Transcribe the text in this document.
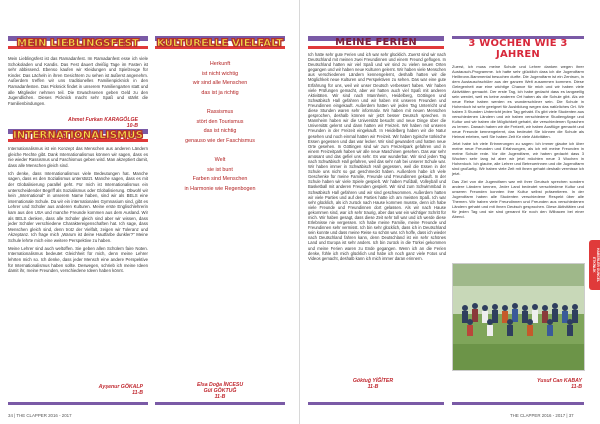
MEIN LIEBLINGSFEST

Mein Lieblingsfest ist das Ramadanfest. Im Ramadanfest esse ich viele Schokoladen und Kandis. Das Fest dauert dreißig Tage im Fasten ist sehr abbissend. Ebenso kaufen wir Kleidungen und Spielzeuge für Kinder. Das Lächeln in ihren Gesichtern zu sehen ist äußerst angenehm. Außerdem treffen wir uns traditionelles Familienpicknick in den Ramadanfesten. Das Picknick findet in unserem Familiengarten statt und alle Mitglieder nehmen teil. Die Erwachsenen geben Geld zu den Jugendlichen. Dieses Picknick macht sehr Spaß und stärkt die Familienbindungen.

Ahmet Furkan KARAGÖLGE
10-B
INTERNATIONALISMUS

Internationalismus ist ein Konzept das Menschen aus anderen Ländern gleiche Rechte gibt. Dank Internationalismus können wir sagen, dass es nie wieder Rassismus und Faschismus geben wird. Man akzeptiert damit, dass alle Menschen gleich sind.

Ich denke, dass Internationalismus viele Bedeutungen hat. Manche sagen, dass es den Sozialismus unterstützt. Manche sagen, dass es mit der Globalisierung parallel geht. Für mich ist Internationalismus ein unterscheidender Begriff als Sozialismus oder Globalisierung. Obwohl wir kein „International“ in unserem Name haben, sind wir als BELS eine internationale Schule. Da wir ein internationales Gymnasium sind, gibt es Lehrer und Schüler aus anderen Kulturen. Meine erste Englischlehrerin kam aus den USA und manche Freunde kommen aus dem Ausland. Wir als BELS denken, dass alle Schüler gleich sind aber wir wissen, dass jeder Schüler verschiedene Charaktereigenschaften hat. Ich sage, dass Menschen gleich sind, denn trotz der Vielfalt, zeigen wir Toleranz und Akzeptanz. Ich frage mich „Warum ist deine Hautfarbe dunkler?“ Meine Schule lehrte mich eine weitere Perspektive zu haben.

Meine Lehrer sind auch weltoffen. Sie geben allen Schülern faire Noten. Internationalismus bedeutet Gleichheit für mich, denn meine Lehrer lehrten mich so. Ich denke, dass jeder Mensch eine andere Perspektive für Internationalismus haben sollte. Deswegen, schrieb ich meine Ideen damit ihr, meine Freunden, verschiedene Ideen haben könnt.

Ayşenur GÖKALP
11-B
KULTURELLE VIELFALT
Herkunft
ist nicht wichtig
wir sind alle Menschen
das ist ja richtig
Rassismus
stört den Tourismus
das ist nichtig
genauso wie der Faschismus
Welt
sie ist bunt
Farben sind Menschen
in Harmonie wie Regenbogen
Elsa Doğa İNCESU
Gül GÖKTUĞ
11-B
34 | THE CLAPPER 2016 - 2017
MEINE FERIEN

Ich hatte sehr gute Ferien und ich war sehr glücklich. Zuerst sind wir nach Deutschland mit meinen zwei Freundinnen und einem Freund geflogen. In Deutschland hatten wir viel Spaß und wir sind zu vielen neuen Orten gegangen und wir haben neue Kulturen gelernt. Wir haben viele Menschen aus verschiedenen Ländern kennengelernt, deshalb hatten wir die Möglichkeit neue Kulturen und Perspektiven zu sehen. Das war eine gute Erfahrung für uns, weil wir unser Deutsch verbessert haben. Wir haben viele Prüfungen gemacht, aber wir hatten auch viel Spaß mit anderen Aktivitäten. Wir sind nach Mannheim, Heidelberg, Göttingen und Schwäbisch Hall gefahren und wir haben mit unseren Freunden und Freundinnen eingekauft. Außerdem hatten wir jeden Tag Unterricht und diese Stunden waren sehr informativ. Wir haben mit neuen Menschen gesprochen, deshalb können wir jetzt besser Deutsch sprechen. In Mannheim haben wir die Universität besucht und neue Dinge über die Universität gelernt und dann hatten wir Freizeit. Wir haben mit unseren Freunden in der Freizeit eingekauft. In Heidelberg haben wir die Natur gesehen und noch einmal hatten wir Freizeit. Wir haben typische türkische Essen gegessen und das war lecker. Wir sind gewandert und hatten neue Orte gesehen. In Göttingen sind wir zum Freizeitpark gefahren und in einem Freizeitpark haben wir alle neue Maschinen gesehen. Das war sehr amüsant und das gefiel uns sehr. Es war wunderbar. Wir sind jeden Tag nach Schwäbisch Hall gefahren, weil das sehr nah bei unserer Schule war. Wir haben immer in Schwäbisch Hall gegessen, weil die Essen in der Schule uns nicht so gut geschmeckt haben. Außerdem habe ich viele Geschenke für meine Familie, Freunde und Freundinnen gekauft. In der Schule haben wir viele Spiele gespielt. Wir haben Fußball, Volleyball und Basketball mit anderen Freunden gespielt. Wir sind zum Schwimmbad in Schwäbisch Hall gefahren und wir sind geschwommen. Außerdem hatten wir viele Parties und auf den Parties hatte ich am meisten Spaß. Ich war sehr glücklich, als ich zurück nach Hause kommen musste, denn ich habe viele Freunde und Freundinnen dort gelassen. Als wir nach Hause gekommen sind, war ich sehr traurig, aber das war ein wichtiger Schritt für mich. Wir haben gesagt, dass diese Zeit sehr toll war und ich werde diese Erlebnisse nie vergessen. Ich habe meine Familie, meine Freunde und Freundinnen sehr vermisst. Ich bin sehr glücklich, dass ich in Deutschland sein konnte und dass meine Reise so schön war. Ich hoffe, dass ich wieder nach Deutschland fahren kann, denn Deutschland ist ein sehr schönes Land und Europa ist sehr anders. Ich bin zurück in die Türkei gekommen und meine Ferien waren zu Ende gegangen. Wenn ich an die Ferien denke, fühle ich mich glücklich und habe ich noch ganz viele Fotos und Videos gemacht, deshalb kann ich mich immer daran erinnern.

Göktuğ YİĞİTER
11-B
3 WOCHEN WIE 3 JAHREN

Zuerst, ich muss meine Schule und Lehrer danken wegen ihrer Austausch-Programme. Ich hatte sehr glücklich dass ich die Jugendfarm Heilbronn-Bammental besuchen durfte. Die Jugendfarm ist ein Zentrum, in dem Austauschschüler aus der ganzen Welt zusammen kommen. Diese Gelegenheit war eine wichtige Chance für mich und wir haben viele Aktivitäten gemacht. Der erste Tag, ich habe gedacht dass es langweilig sein werdet, weil es keine anderen Ort haben als die Schule gibt. Als wir neue Reise haben werden es wunderschöner sein. Die Schule in Hohenloch ist sehr geeignet für Ausbildung wegen das natürliches Ort. Wir haben 3 Stunden Unterricht jeden Tag gehabt. Es gibt viele Studenten aus verschiedenen Ländern und wir haben verschiedene Studiengänge und Kultur und wir haben die Möglichkeit gehabt, die verschiedenen Sprachen zu lernen. Danach haben wir die Freizeit, wir haben Ausflüge gemacht und neue Freunde kennengelernt, das bedeutet Sie können die Schule als Heimat erleben, weil Sie haben Zeit für viele Aktivitäten.

Jetzt habe ich viele Erinnerungen zu sagen: Ich immer glaube ich über meine neue Freunden und Erfahrungen, als ich mit meine Freunden in meine Schule rede. Vor die Jugendfarm, wir haben gedacht dass 3 Wochen sehr lang ist aber wir jetzt möchten neue 3 Wochen in Hohenloch. Ich glaube, alle Lehrer und Betreuerinnen und die Jugendfarm sind großartig. Wir haben viele Zeit mit ihnen gehabt deshalb vermisse ich jetzt.

Das Ziel von die Jugendfarm war mit ihrer Deutsch sprechen sondern andere Ländern kennen, Jeder Land bedeutet verschiedene Kultur und unseren Freunden konnten ihre Kultur selbst präsentieren. In der Jugendfarm haben alle Studenten verschiedene Respekt über alle Themen. Wir haben viele Freundinnen und Freunden aus verschiedenen Ländern gehabt und mit ihnen Deutsch gesprochen. Diese Aktivitäten und für jeden Tag und sie sind genannt für noch den Wilbacen bei einer Abend.

Yusuf Can KABAY
11-B
HABERLER GÜNCEL ETKİNLİK
THE CLAPPER 2016 - 2017 | 37
